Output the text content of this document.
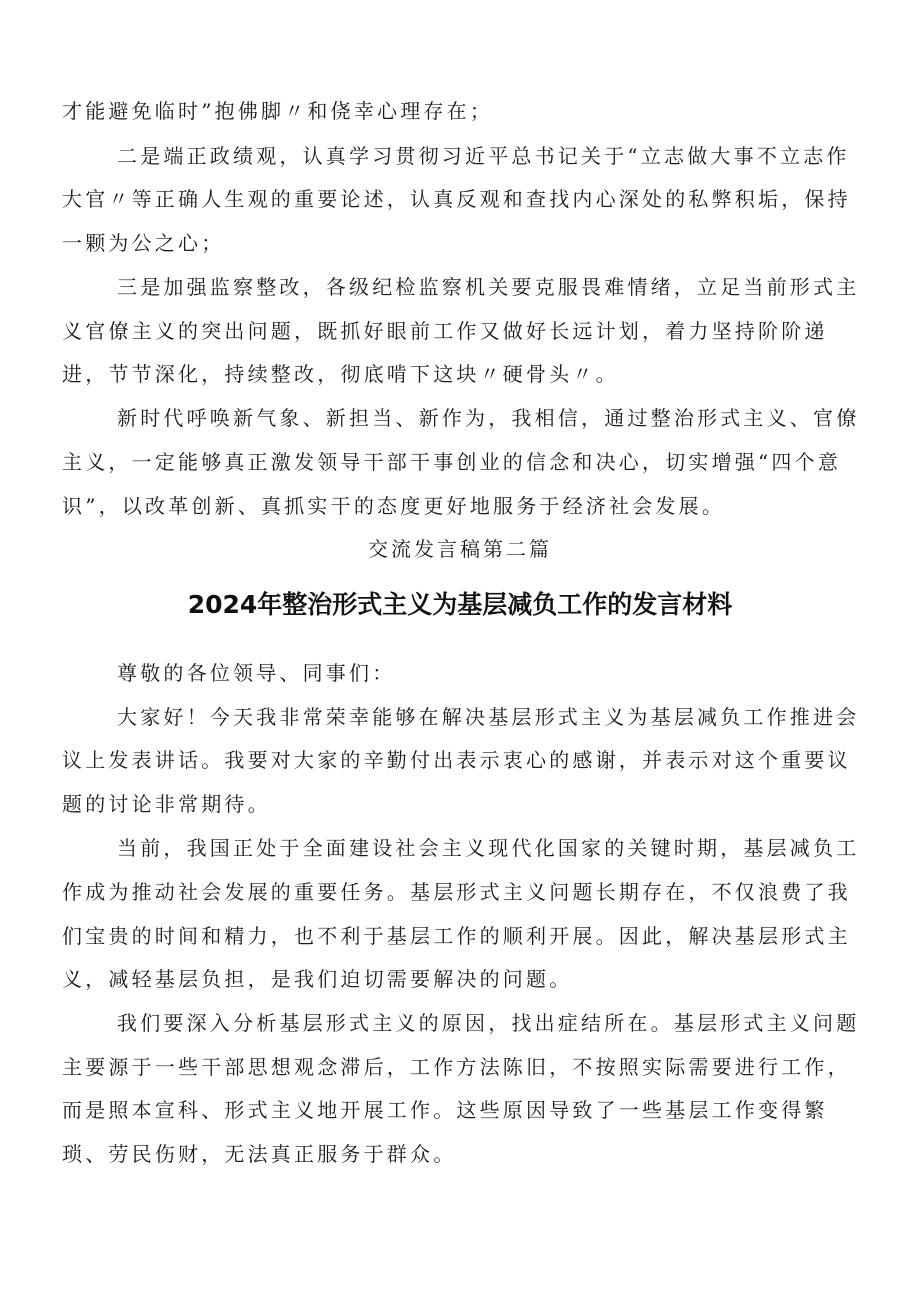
才能避免临时”抱佛脚〃和侥幸心理存在；
二是端正政绩观，认真学习贯彻习近平总书记关于“立志做大事不立志作
大官〃等正确人生观的重要论述，认真反观和查找内心深处的私弊积垢，保持
一颗为公之心；
三是加强监察整改，各级纪检监察机关要克服畏难情绪，立足当前形式主
义官僚主义的突出问题，既抓好眼前工作又做好长远计划，着力坚持阶阶递
进，节节深化，持续整改，彻底啃下这块〃硬骨头〃。
新时代呼唤新气象、新担当、新作为，我相信，通过整治形式主义、官僚
主义，一定能够真正激发领导干部干事创业的信念和决心，切实增强“四个意
识”，以改革创新、真抓实干的态度更好地服务于经济社会发展。
交流发言稿第二篇
2024年整治形式主义为基层减负工作的发言材料
尊敬的各位领导、同事们：
大家好！今天我非常荣幸能够在解决基层形式主义为基层减负工作推进会
议上发表讲话。我要对大家的辛勤付出表示衷心的感谢，并表示对这个重要议
题的讨论非常期待。
当前，我国正处于全面建设社会主义现代化国家的关键时期，基层减负工
作成为推动社会发展的重要任务。基层形式主义问题长期存在，不仅浪费了我
们宝贵的时间和精力，也不利于基层工作的顺利开展。因此，解决基层形式主
义，减轻基层负担，是我们迫切需要解决的问题。
我们要深入分析基层形式主义的原因，找出症结所在。基层形式主义问题
主要源于一些干部思想观念滞后，工作方法陈旧，不按照实际需要进行工作，
而是照本宣科、形式主义地开展工作。这些原因导致了一些基层工作变得繁
琐、劳民伤财，无法真正服务于群众。
